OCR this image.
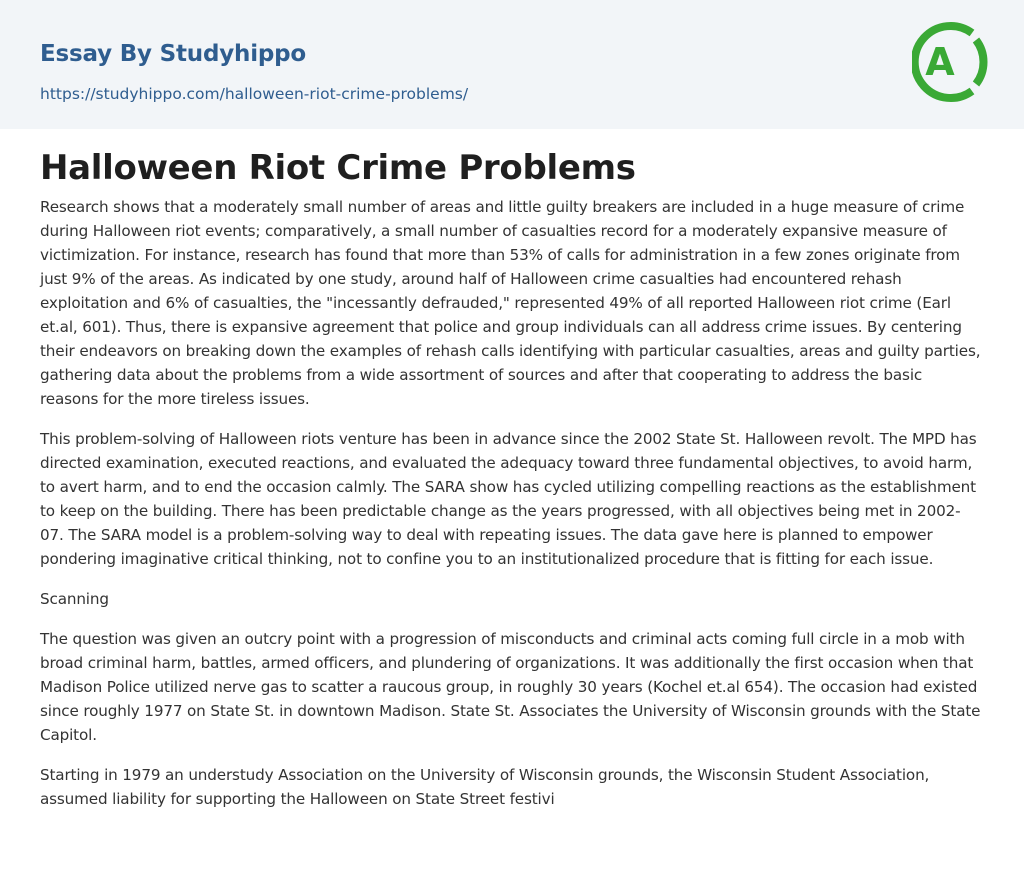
Essay By Studyhippo
https://studyhippo.com/halloween-riot-crime-problems/
A
Halloween Riot Crime Problems

Research shows that a moderately small number of areas and little guilty breakers are included in a huge measure of crime during Halloween riot events; comparatively, a small number of casualties record for a moderately expansive measure of victimization. For instance, research has found that more than 53% of calls for administration in a few zones originate from just 9% of the areas. As indicated by one study, around half of Halloween crime casualties had encountered rehash exploitation and 6% of casualties, the "incessantly defrauded," represented 49% of all reported Halloween riot crime (Earl et.al, 601). Thus, there is expansive agreement that police and group individuals can all address crime issues. By centering their endeavors on breaking down the examples of rehash calls identifying with particular casualties, areas and guilty parties, gathering data about the problems from a wide assortment of sources and after that cooperating to address the basic reasons for the more tireless issues.

This problem-solving of Halloween riots venture has been in advance since the 2002 State St. Halloween revolt. The MPD has directed examination, executed reactions, and evaluated the adequacy toward three fundamental objectives, to avoid harm, to avert harm, and to end the occasion calmly. The SARA show has cycled utilizing compelling reactions as the establishment to keep on the building. There has been predictable change as the years progressed, with all objectives being met in 2002-07. The SARA model is a problem-solving way to deal with repeating issues. The data gave here is planned to empower pondering imaginative critical thinking, not to confine you to an institutionalized procedure that is fitting for each issue.

Scanning

The question was given an outcry point with a progression of misconducts and criminal acts coming full circle in a mob with broad criminal harm, battles, armed officers, and plundering of organizations. It was additionally the first occasion when that Madison Police utilized nerve gas to scatter a raucous group, in roughly 30 years (Kochel et.al 654). The occasion had existed since roughly 1977 on State St. in downtown Madison. State St. Associates the University of Wisconsin grounds with the State Capitol.

Starting in 1979 an understudy Association on the University of Wisconsin grounds, the Wisconsin Student Association, assumed liability for supporting the Halloween on State Street festivi
